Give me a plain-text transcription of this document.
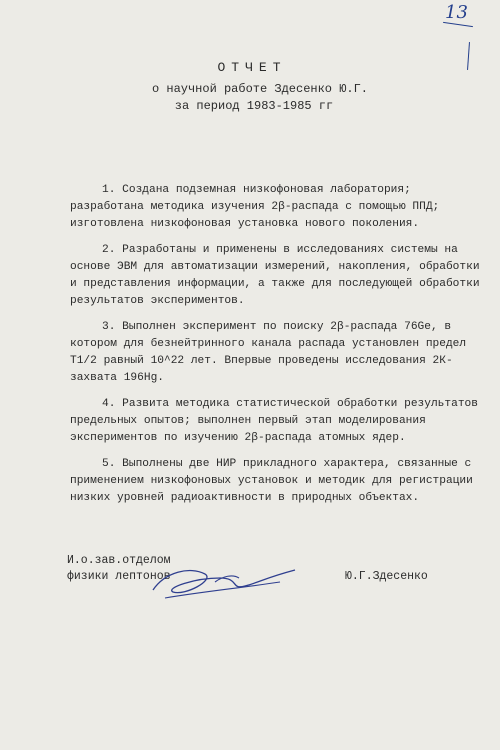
13
ОТЧЕТ
о научной работе Здесенко Ю.Г.
за период 1983-1985 гг

1. Создана подземная низкофоновая лаборатория; разработана методика изучения 2β-распада с помощью ППД; изготовлена низкофоновая установка нового поколения.

2. Разработаны и применены в исследованиях системы на основе ЭВМ для автоматизации измерений, накопления, обработки и представления информации, а также для последующей обработки результатов экспериментов.

3. Выполнен эксперимент по поиску 2β-распада 76Ge, в котором для безнейтринного канала распада установлен предел T1/2 равный 10^22 лет. Впервые проведены исследования 2К-захвата 196Hg.

4. Развита методика статистической обработки результатов предельных опытов; выполнен первый этап моделирования экспериментов по изучению 2β-распада атомных ядер.

5. Выполнены две НИР прикладного характера, связанные с применением низкофоновых установок и методик для регистрации низких уровней радиоактивности в природных объектах.

И.о.зав.отделом
физики лептонов	Ю.Г.Здесенко
